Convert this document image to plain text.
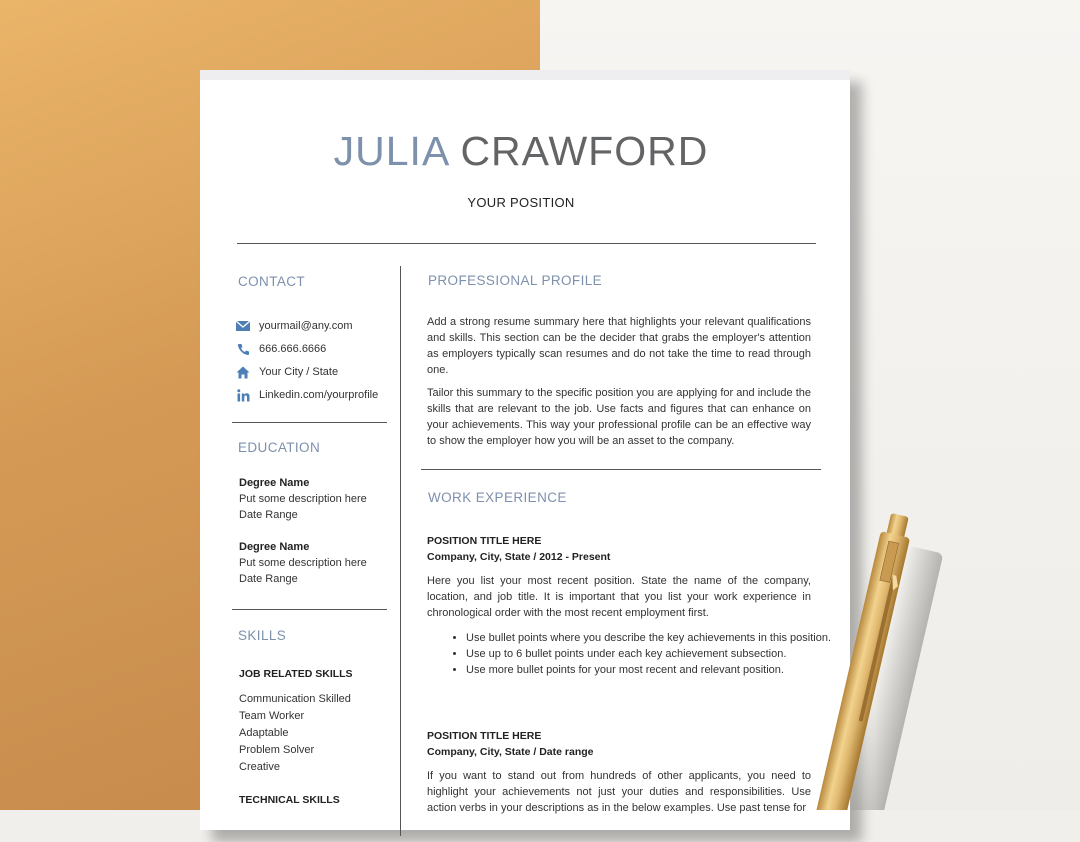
JULIA CRAWFORD
YOUR POSITION
CONTACT
yourmail@any.com
666.666.6666
Your City / State
Linkedin.com/yourprofile
EDUCATION
Degree Name
Put some description here
Date Range
Degree Name
Put some description here
Date Range
SKILLS
JOB RELATED SKILLS
Communication Skilled
Team Worker
Adaptable
Problem Solver
Creative
TECHNICAL SKILLS
PROFESSIONAL PROFILE
Add a strong resume summary here that highlights your relevant qualifications and skills. This section can be the decider that grabs the employer's attention as employers typically scan resumes and do not take the time to read through one.
Tailor this summary to the specific position you are applying for and include the skills that are relevant to the job. Use facts and figures that can enhance on your achievements. This way your professional profile can be an effective way to show the employer how you will be an asset to the company.
WORK EXPERIENCE
POSITION TITLE HERE
Company, City, State / 2012 - Present
Here you list your most recent position. State the name of the company, location, and job title. It is important that you list your work experience in chronological order with the most recent employment first.
• Use bullet points where you describe the key achievements in this position.
• Use up to 6 bullet points under each key achievement subsection.
• Use more bullet points for your most recent and relevant position.
POSITION TITLE HERE
Company, City, State / Date range
If you want to stand out from hundreds of other applicants, you need to highlight your achievements not just your duties and responsibilities. Use action verbs in your descriptions as in the below examples. Use past tense for
